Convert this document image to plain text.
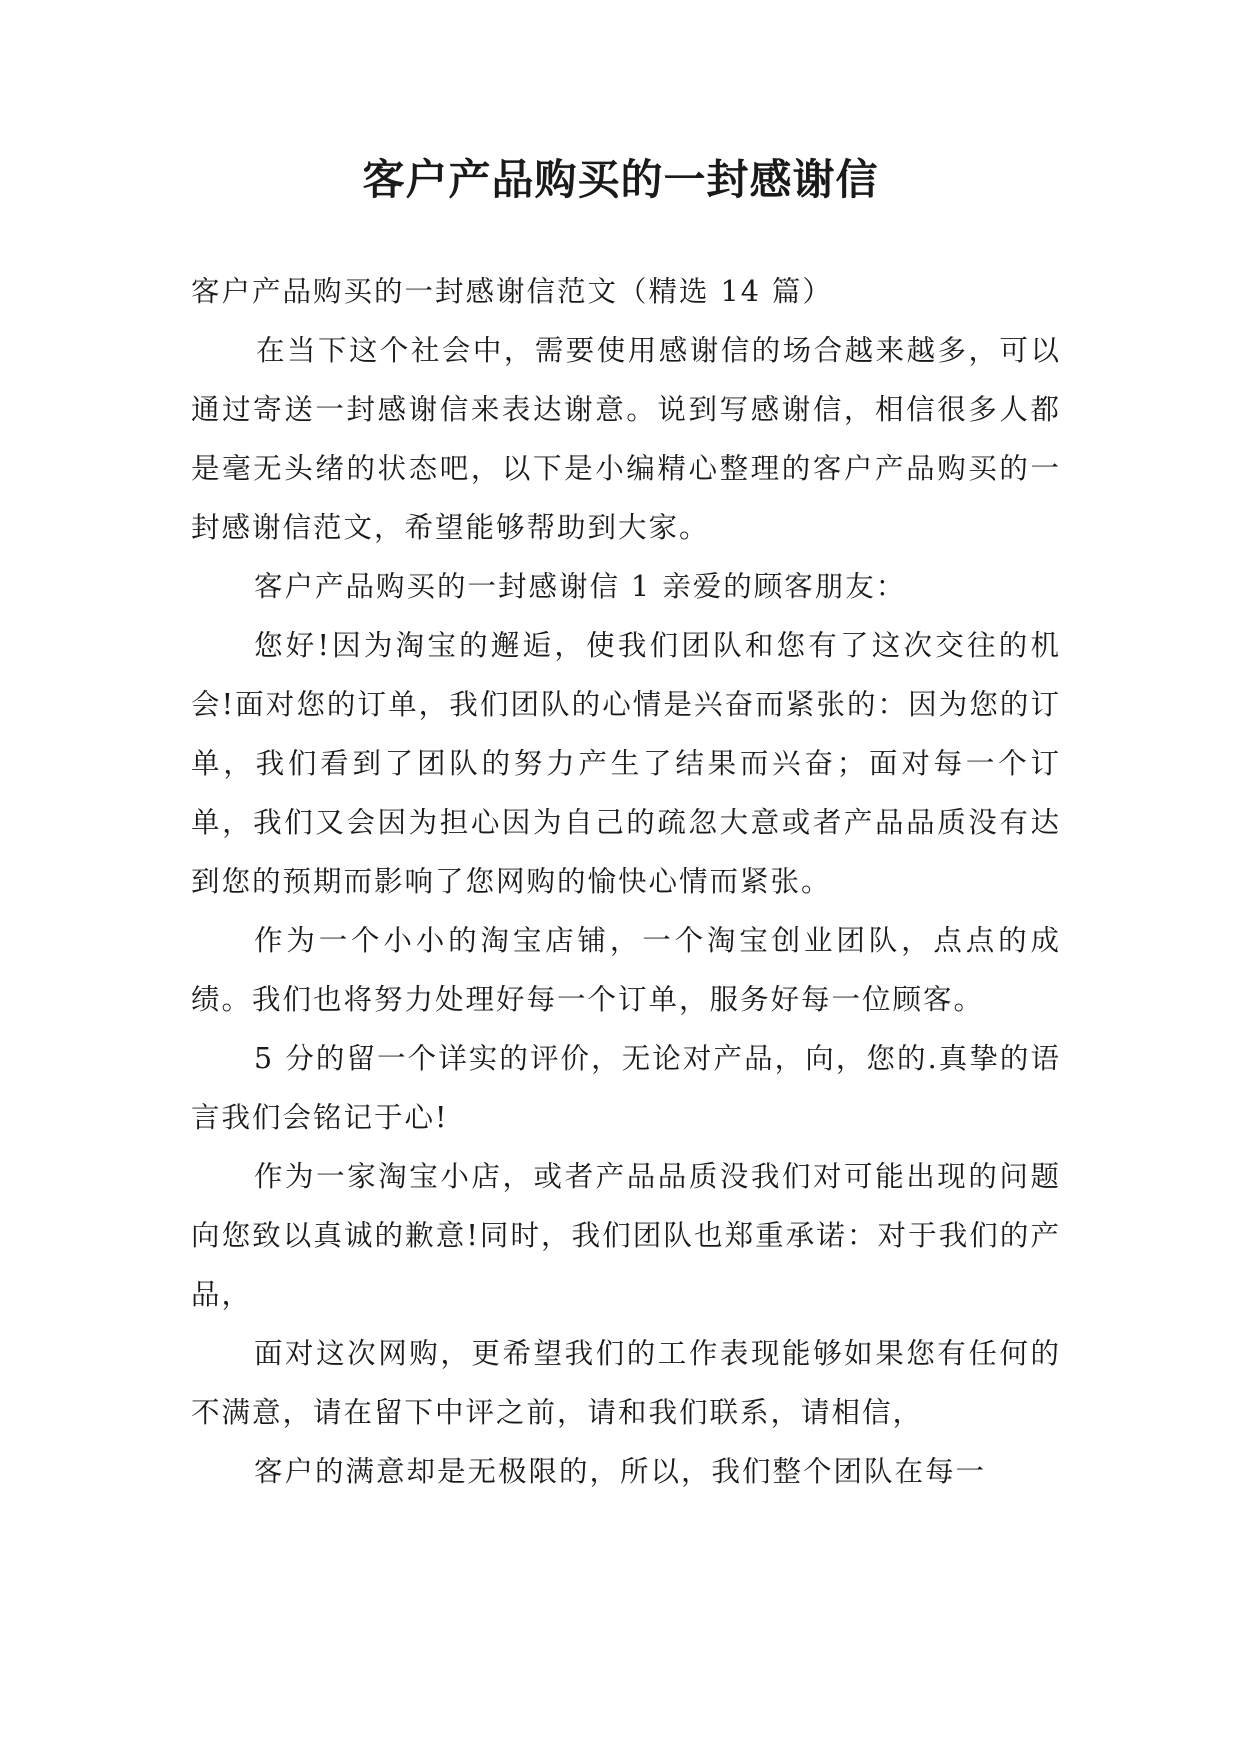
客户产品购买的一封感谢信

客户产品购买的一封感谢信范文（精选 14 篇）

在当下这个社会中，需要使用感谢信的场合越来越多，可以通过寄送一封感谢信来表达谢意。说到写感谢信，相信很多人都是毫无头绪的状态吧，以下是小编精心整理的客户产品购买的一封感谢信范文，希望能够帮助到大家。

客户产品购买的一封感谢信 1 亲爱的顾客朋友：

您好!因为淘宝的邂逅，使我们团队和您有了这次交往的机会!面对您的订单，我们团队的心情是兴奋而紧张的：因为您的订单，我们看到了团队的努力产生了结果而兴奋；面对每一个订单，我们又会因为担心因为自己的疏忽大意或者产品品质没有达到您的预期而影响了您网购的愉快心情而紧张。

作为一个小小的淘宝店铺，一个淘宝创业团队，点点的成绩。我们也将努力处理好每一个订单，服务好每一位顾客。

5 分的留一个详实的评价，无论对产品，向，您的.真挚的语言我们会铭记于心!

作为一家淘宝小店，或者产品品质没我们对可能出现的问题向您致以真诚的歉意!同时，我们团队也郑重承诺：对于我们的产品，

面对这次网购，更希望我们的工作表现能够如果您有任何的不满意，请在留下中评之前，请和我们联系，请相信，

客户的满意却是无极限的，所以，我们整个团队在每一
